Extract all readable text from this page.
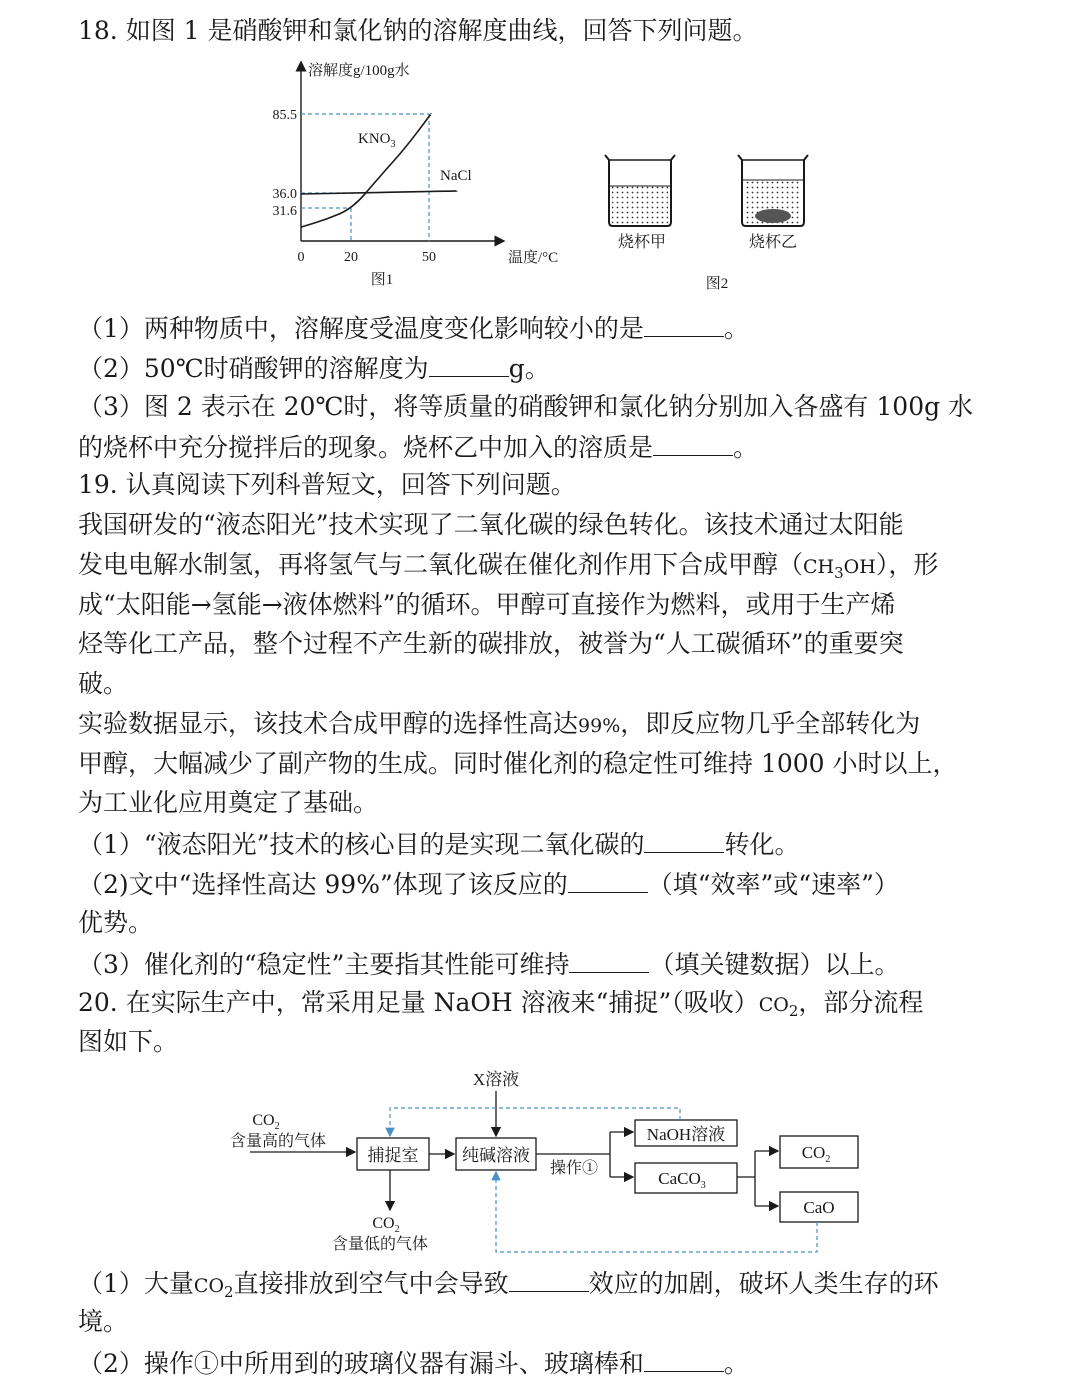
18. 如图 1 是硝酸钾和氯化钠的溶解度曲线，回答下列问题。
溶解度g/100g水
温度/°C
85.5
36.0
31.6
0	20	50
$KNO_3$
NaCl
图1
烧杯甲	烧杯乙
图2
（1）两种物质中，溶解度受温度变化影响较小的是	。
（2）50℃时硝酸钾的溶解度为	g。
（3）图 2 表示在 20℃时，将等质量的硝酸钾和氯化钠分别加入各盛有 100g 水
的烧杯中充分搅拌后的现象。烧杯乙中加入的溶质是	。
19. 认真阅读下列科普短文，回答下列问题。
我国研发的“液态阳光”技术实现了二氧化碳的绿色转化。该技术通过太阳能
发电电解水制氢，再将氢气与二氧化碳在催化剂作用下合成甲醇$(CH_3OH)$，形
成“太阳能→氢能→液体燃料”的循环。甲醇可直接作为燃料，或用于生产烯
烃等化工产品，整个过程不产生新的碳排放，被誉为“人工碳循环”的重要突
破。
实验数据显示，该技术合成甲醇的选择性高达99%，即反应物几乎全部转化为
甲醇，大幅减少了副产物的生成。同时催化剂的稳定性可维持 1000 小时以上，
为工业化应用奠定了基础。
（1）“液态阳光”技术的核心目的是实现二氧化碳的	转化。
（2)文中“选择性高达 99%”体现了该反应的	（填“效率”或“速率”）
优势。
（3）催化剂的“稳定性”主要指其性能可维持	（填关键数据）以上。
20. 在实际生产中，常采用足量 NaOH 溶液来“捕捉”（吸收）$CO_2$，部分流程
图如下。
X溶液
$CO_2$
含量高的气体
捕捉室
$CO_2$
含量低的气体
纯碱溶液
操作①
NaOH溶液
CaCO$_3$
$CO_2$
CaO
（1）大量$CO_2$直接排放到空气中会导致	效应的加剧，破坏人类生存的环
境。
（2）操作①中所用到的玻璃仪器有漏斗、玻璃棒和	。
